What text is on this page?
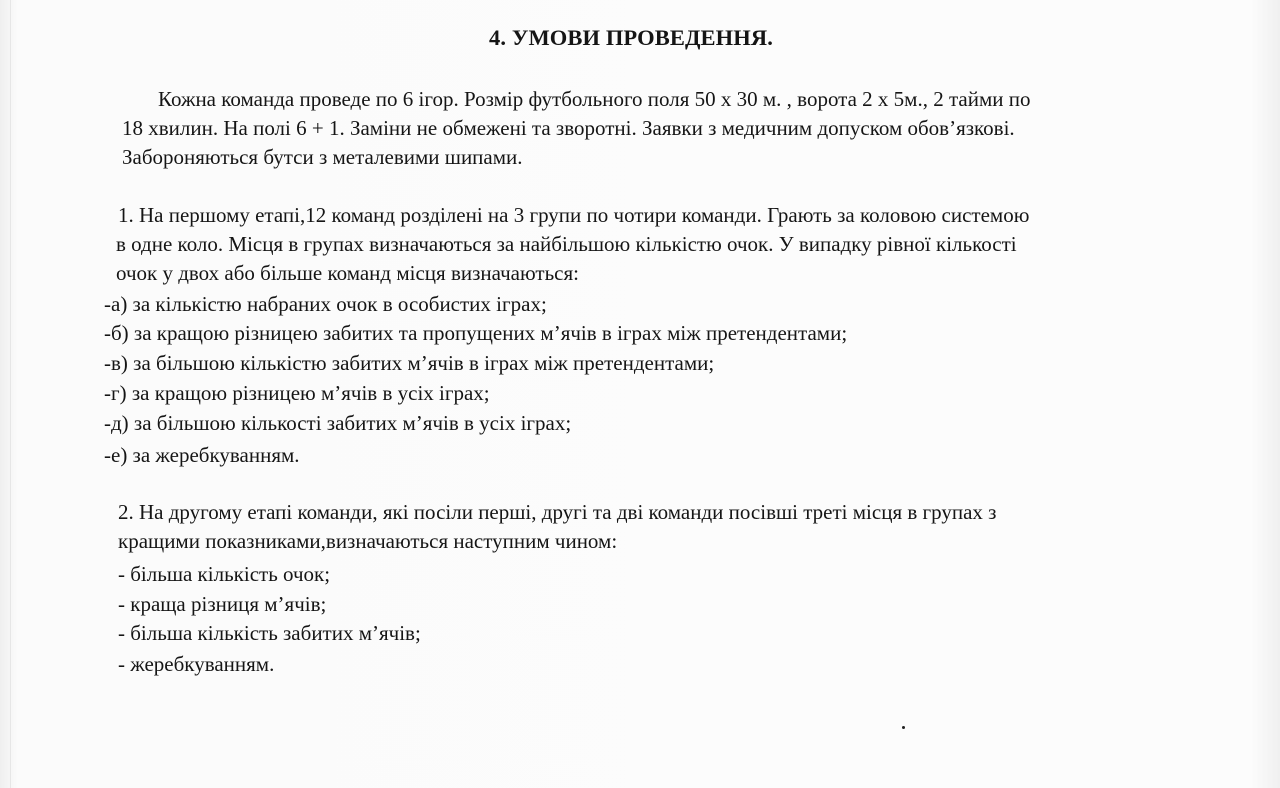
4. УМОВИ ПРОВЕДЕННЯ.
Кожна команда проведе по 6 ігор. Розмір футбольного поля 50 х 30 м. , ворота 2 х 5м., 2 тайми по
18 хвилин. На полі 6 + 1. Заміни не обмежені та зворотні. Заявки з медичним допуском обов’язкові.
Забороняються бутси з металевими шипами.
1. На першому етапі,12 команд розділені на 3 групи по чотири команди. Грають за коловою системою
в одне коло. Місця в групах визначаються за найбільшою кількістю очок. У випадку рівної кількості
очок у двох або більше команд місця визначаються:
-а) за кількістю набраних очок в особистих іграх;
-б) за кращою різницею забитих та пропущених м’ячів в іграх між претендентами;
-в) за більшою кількістю забитих м’ячів в іграх між претендентами;
-г) за кращою різницею м’ячів в усіх іграх;
-д) за більшою кількості забитих м’ячів в усіх іграх;
-е) за жеребкуванням.
2. На другому етапі команди, які посіли перші, другі та дві команди посівші треті місця в групах з
кращими показниками,визначаються наступним чином:
- більша кількість очок;
- краща різниця м’ячів;
- більша кількість забитих м’ячів;
- жеребкуванням.
